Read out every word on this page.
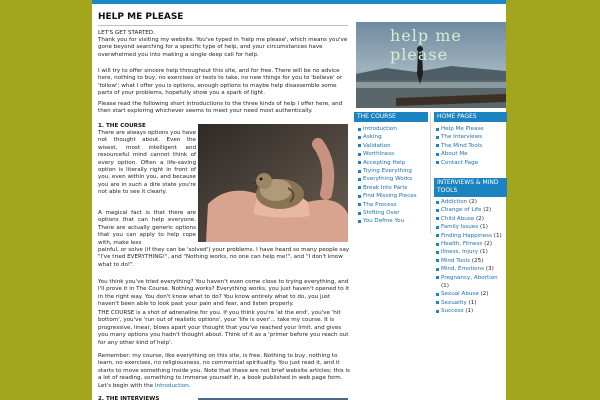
HELP ME PLEASE
LET'S GET STARTED.

Thank you for visiting my website. You've typed in 'help me please', which means you've gone beyond searching for a specific type of help, and your circumstances have overwhelmed you into making a single deep call for help.

I will try to offer sincere help throughout this site, and for free. There will be no advice here, nothing to buy, no exercises or tests to take, no new things for you to 'believe' or 'follow'; what I offer you is options, enough options to maybe help disassemble some parts of your problems, hopefully show you a spark of light.

Please read the following short introductions to the three kinds of help I offer here, and then start exploring whichever seems to meet your need most authentically.

1. THE COURSE

There are always options you have not thought about. Even the wisest, most intelligent and resourceful mind cannot think of every option. Often a life-saving option is literally right in front of you, even within you, and because you are in such a dire state you're not able to see it clearly.

A magical fact is that there are options that can help everyone. There are actually generic options that you can apply to help cope with, make less

painful, or solve (if they can be 'solved') your problems. I have heard so many people say "I've tried EVERYTHING!", and "Nothing works, no one can help me!", and "I don't know what to do!".

You think you've tried everything? You haven't even come close to trying everything, and I'll prove it in The Course. Nothing works? Everything works, you just haven't opened to it in the right way. You don't know what to do? You know entirely what to do, you just haven't been able to look past your pain and fear, and listen properly.

THE COURSE is a shot of adrenaline for you. If you think you're 'at the end', you've 'hit bottom', you've 'run out of realistic options', your 'life is over'... take my course. It is progressive, linear, blows apart your thought that you've reached your limit, and gives you many options you hadn't thought about. Think of it as a 'primer before you reach out for any other kind of help'.

Remember: my course, like everything on this site, is free. Nothing to buy, nothing to learn, no exercises, no religiousness, no commercial spirituality. You just read it, and it starts to move something inside you. Note that these are not brief website articles; this is a lot of reading, something to immerse yourself in, a book published in web page form. Let's begin with the Introduction.

2. THE INTERVIEWS
help me please
THE COURSE
Introduction
Asking
Validation
Worthiness
Accepting Help
Trying Everything
Everything Works
Break Into Parts
Find Missing Pieces
The Process
Shifting Over
You Define You
HOME PAGES
Help Me Please
The Interviews
The Mind Tools
About Me
Contact Page
INTERVIEWS & MIND TOOLS
Addiction (2)
Change of Life (2)
Child Abuse (2)
Family Issues (1)
Finding Happiness (1)
Health, Fitness (2)
Illness, Injury (1)
Mind Tools (25)
Mind, Emotions (3)
Pregnancy, Abortion (1)
Sexual Abuse (2)
Sexuality (1)
Success (1)
